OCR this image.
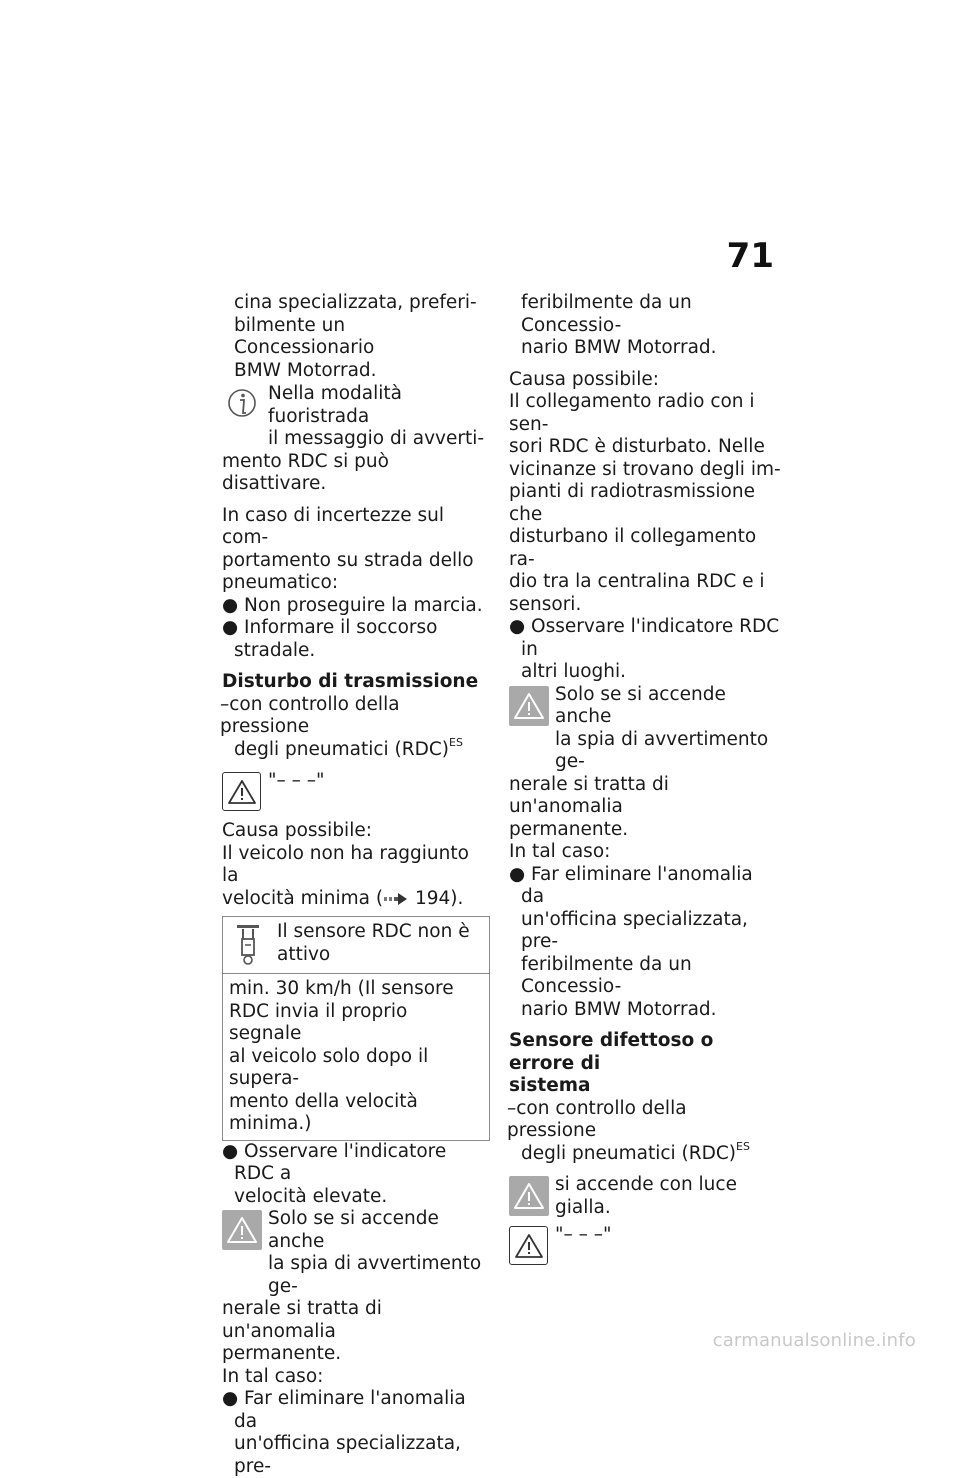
71

cina specializzata, preferi-

bilmente un Concessionario

BMW Motorrad.

Nella modalità fuoristrada

il messaggio di avverti-

mento RDC si può disattivare.

In caso di incertezze sul com-

portamento su strada dello

pneumatico:

● Non proseguire la marcia.

● Informare il soccorso stradale.

Disturbo di trasmissione

–con controllo della pressione

degli pneumatici (RDC)$^{ES}$

"– – –"

Causa possibile:

Il veicolo non ha raggiunto la

velocità minima ( 194).

Il sensore RDC non è

attivo

min. 30 km/h (Il sensore

RDC invia il proprio segnale

al veicolo solo dopo il supera-

mento della velocità minima.)

● Osservare l'indicatore RDC a

velocità elevate.

Solo se si accende anche

la spia di avvertimento ge-

nerale si tratta di un'anomalia

permanente.

In tal caso:

● Far eliminare l'anomalia da

un'officina specializzata, pre-

feribilmente da un Concessio-

nario BMW Motorrad.

Causa possibile:

Il collegamento radio con i sen-

sori RDC è disturbato. Nelle

vicinanze si trovano degli im-

pianti di radiotrasmissione che

disturbano il collegamento ra-

dio tra la centralina RDC e i

sensori.

● Osservare l'indicatore RDC in

altri luoghi.

Solo se si accende anche

la spia di avvertimento ge-

nerale si tratta di un'anomalia

permanente.

In tal caso:

● Far eliminare l'anomalia da

un'officina specializzata, pre-

feribilmente da un Concessio-

nario BMW Motorrad.

Sensore difettoso o errore di

sistema

–con controllo della pressione

degli pneumatici (RDC)$^{ES}$

si accende con luce gialla.

"– – –"

carmanualsonline.info
